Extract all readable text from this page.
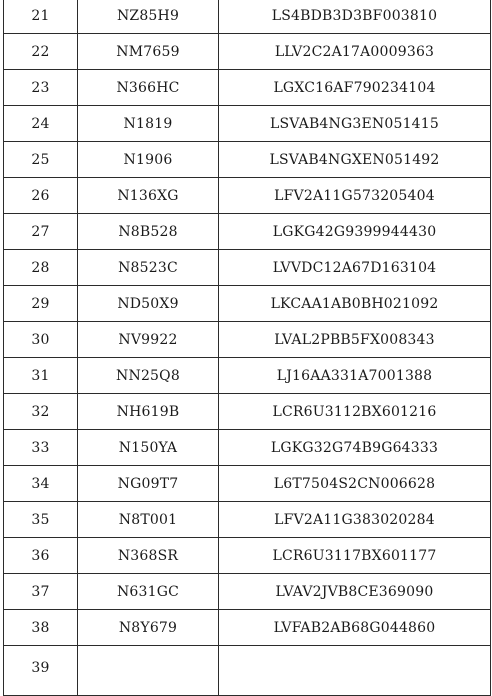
21	NZ85H9	LS4BDB3D3BF003810
22	NM7659	LLV2C2A17A0009363
23	N366HC	LGXC16AF790234104
24	N1819	LSVAB4NG3EN051415
25	N1906	LSVAB4NGXEN051492
26	N136XG	LFV2A11G573205404
27	N8B528	LGKG42G9399944430
28	N8523C	LVVDC12A67D163104
29	ND50X9	LKCAA1AB0BH021092
30	NV9922	LVAL2PBB5FX008343
31	NN25Q8	LJ16AA331A7001388
32	NH619B	LCR6U3112BX601216
33	N150YA	LGKG32G74B9G64333
34	NG09T7	L6T7504S2CN006628
35	N8T001	LFV2A11G383020284
36	N368SR	LCR6U3117BX601177
37	N631GC	LVAV2JVB8CE369090
38	N8Y679	LVFAB2AB68G044860
39		
